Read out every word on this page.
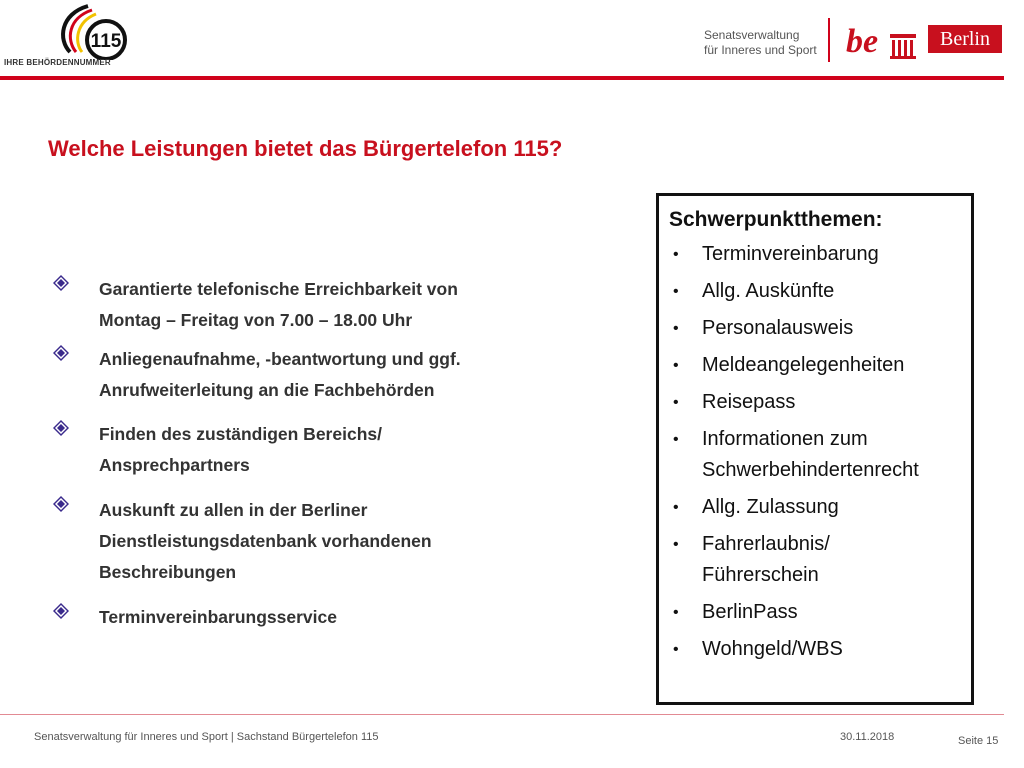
115
IHRE BEHÖRDENNUMMER
Senatsverwaltung
für Inneres und Sport be	Berlin
Welche Leistungen bietet das Bürgertelefon 115?
Garantierte telefonische Erreichbarkeit von
Montag – Freitag von 7.00 – 18.00 Uhr
Anliegenaufnahme, -beantwortung und ggf.
Anrufweiterleitung an die Fachbehörden
Finden des zuständigen Bereichs/
Ansprechpartners
Auskunft zu allen in der Berliner
Dienstleistungsdatenbank vorhandenen
Beschreibungen
Terminvereinbarungsservice
Schwerpunktthemen:
• Terminvereinbarung
• Allg. Auskünfte
• Personalausweis
• Meldeangelegenheiten
• Reisepass
• Informationen zum
Schwerbehindertenrecht
• Allg. Zulassung
• Fahrerlaubnis/
Führerschein
• BerlinPass
• Wohngeld/WBS
Senatsverwaltung für Inneres und Sport | Sachstand Bürgertelefon 115	30.11.2018	Seite 15
